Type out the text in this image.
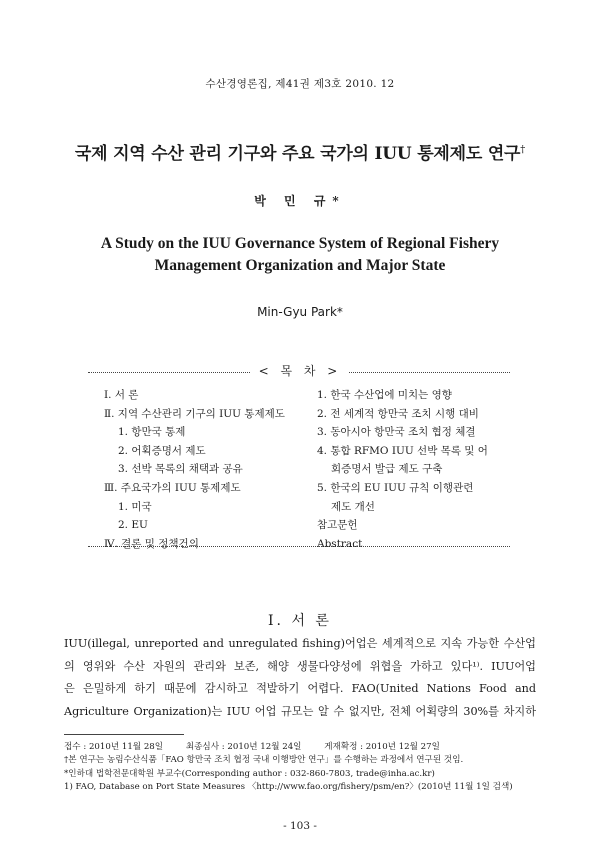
수산경영론집, 제41권 제3호 2010. 12
국제 지역 수산 관리 기구와 주요 국가의 IUU 통제제도 연구†
박 민 규*
A Study on the IUU Governance System of Regional Fishery
Management Organization and Major State
Min-Gyu Park*
< 목 차 >
Ⅰ. 서 론
Ⅱ. 지역 수산관리 기구의 IUU 통제제도
1. 항만국 통제
2. 어획증명서 제도
3. 선박 목록의 채택과 공유
Ⅲ. 주요국가의 IUU 통제제도
1. 미국
2. EU
Ⅳ. 결론 및 정책건의
1. 한국 수산업에 미치는 영향
2. 전 세계적 항만국 조치 시행 대비
3. 동아시아 항만국 조치 협정 체결
4. 통합 RFMO IUU 선박 목록 및 어
회증명서 발급 제도 구축
5. 한국의 EU IUU 규칙 이행관련
제도 개선
참고문헌
Abstract
Ⅰ. 서 론
IUU(illegal, unreported and unregulated fishing)어업은 세계적으로 지속 가능한 수산업
의 영위와 수산 자원의 관리와 보존, 해양 생물다양성에 위협을 가하고 있다¹⁾. IUU어업
은 은밀하게 하기 때문에 감시하고 적발하기 어렵다. FAO(United Nations Food and
Agriculture Organization)는 IUU 어업 규모는 알 수 없지만, 전체 어획량의 30%를 차지하
접수 : 2010년 11월 28일	최종심사 : 2010년 12월 24일	게재확정 : 2010년 12월 27일
†본 연구는 농림수산식품「FAO 항만국 조치 협정 국내 이행방안 연구」를 수행하는 과정에서 연구된 것임.
*인하대 법학전문대학원 부교수(Corresponding author : 032-860-7803, trade@inha.ac.kr)
1) FAO, Database on Port State Measures 〈http://www.fao.org/fishery/psm/en?〉(2010년 11월 1일 검색)
- 103 -
